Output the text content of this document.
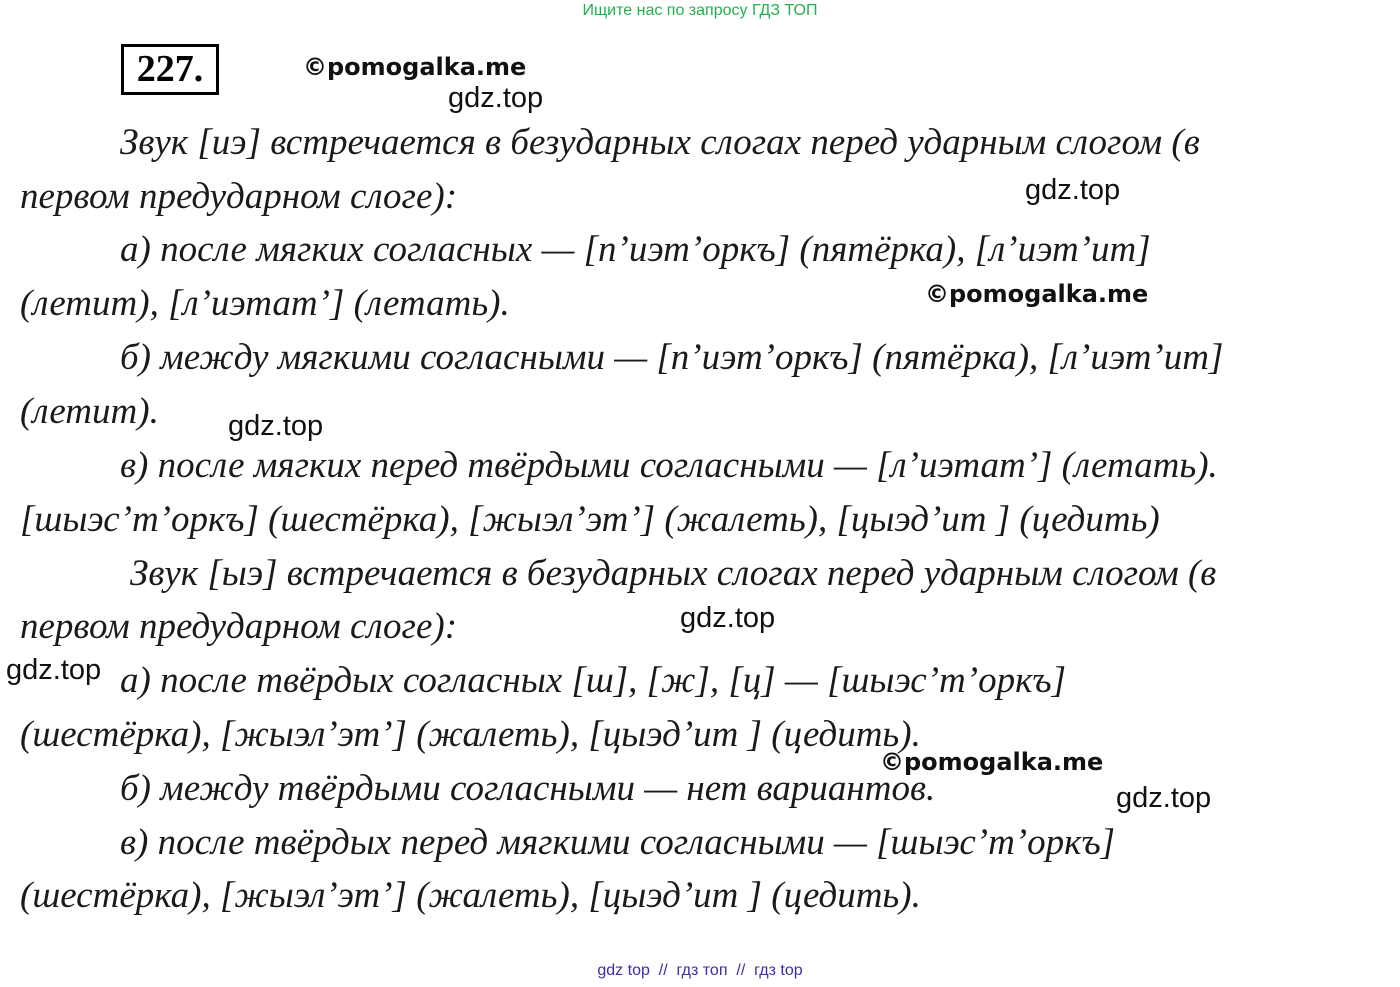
Ищите нас по запросу ГДЗ ТОП
227.
Звук [иэ] встречается в безударных слогах перед ударным слогом (в
первом предударном слоге):
а) после мягких согласных — [п’иэт’оркъ] (пятёрка), [л’иэт’ит]
(летит), [л’иэтат’] (летать).
б) между мягкими согласными — [п’иэт’оркъ] (пятёрка), [л’иэт’ит]
(летит).
в) после мягких перед твёрдыми согласными — [л’иэтат’] (летать).
[шыэс’т’оркъ] (шестёрка), [жыэл’эт’] (жалеть), [цыэд’ит ] (цедить)
Звук [ыэ] встречается в безударных слогах перед ударным слогом (в
первом предударном слоге):
а) после твёрдых согласных [ш], [ж], [ц] — [шыэс’т’оркъ]
(шестёрка), [жыэл’эт’] (жалеть), [цыэд’ит ] (цедить).
б) между твёрдыми согласными — нет вариантов.
в) после твёрдых перед мягкими согласными — [шыэс’т’оркъ]
(шестёрка), [жыэл’эт’] (жалеть), [цыэд’ит ] (цедить).
©pomogalka.me
gdz.top
gdz.top
©pomogalka.me
gdz.top
gdz.top
gdz.top
©pomogalka.me
gdz.top
gdz top  //  гдз топ  //  гдз top
